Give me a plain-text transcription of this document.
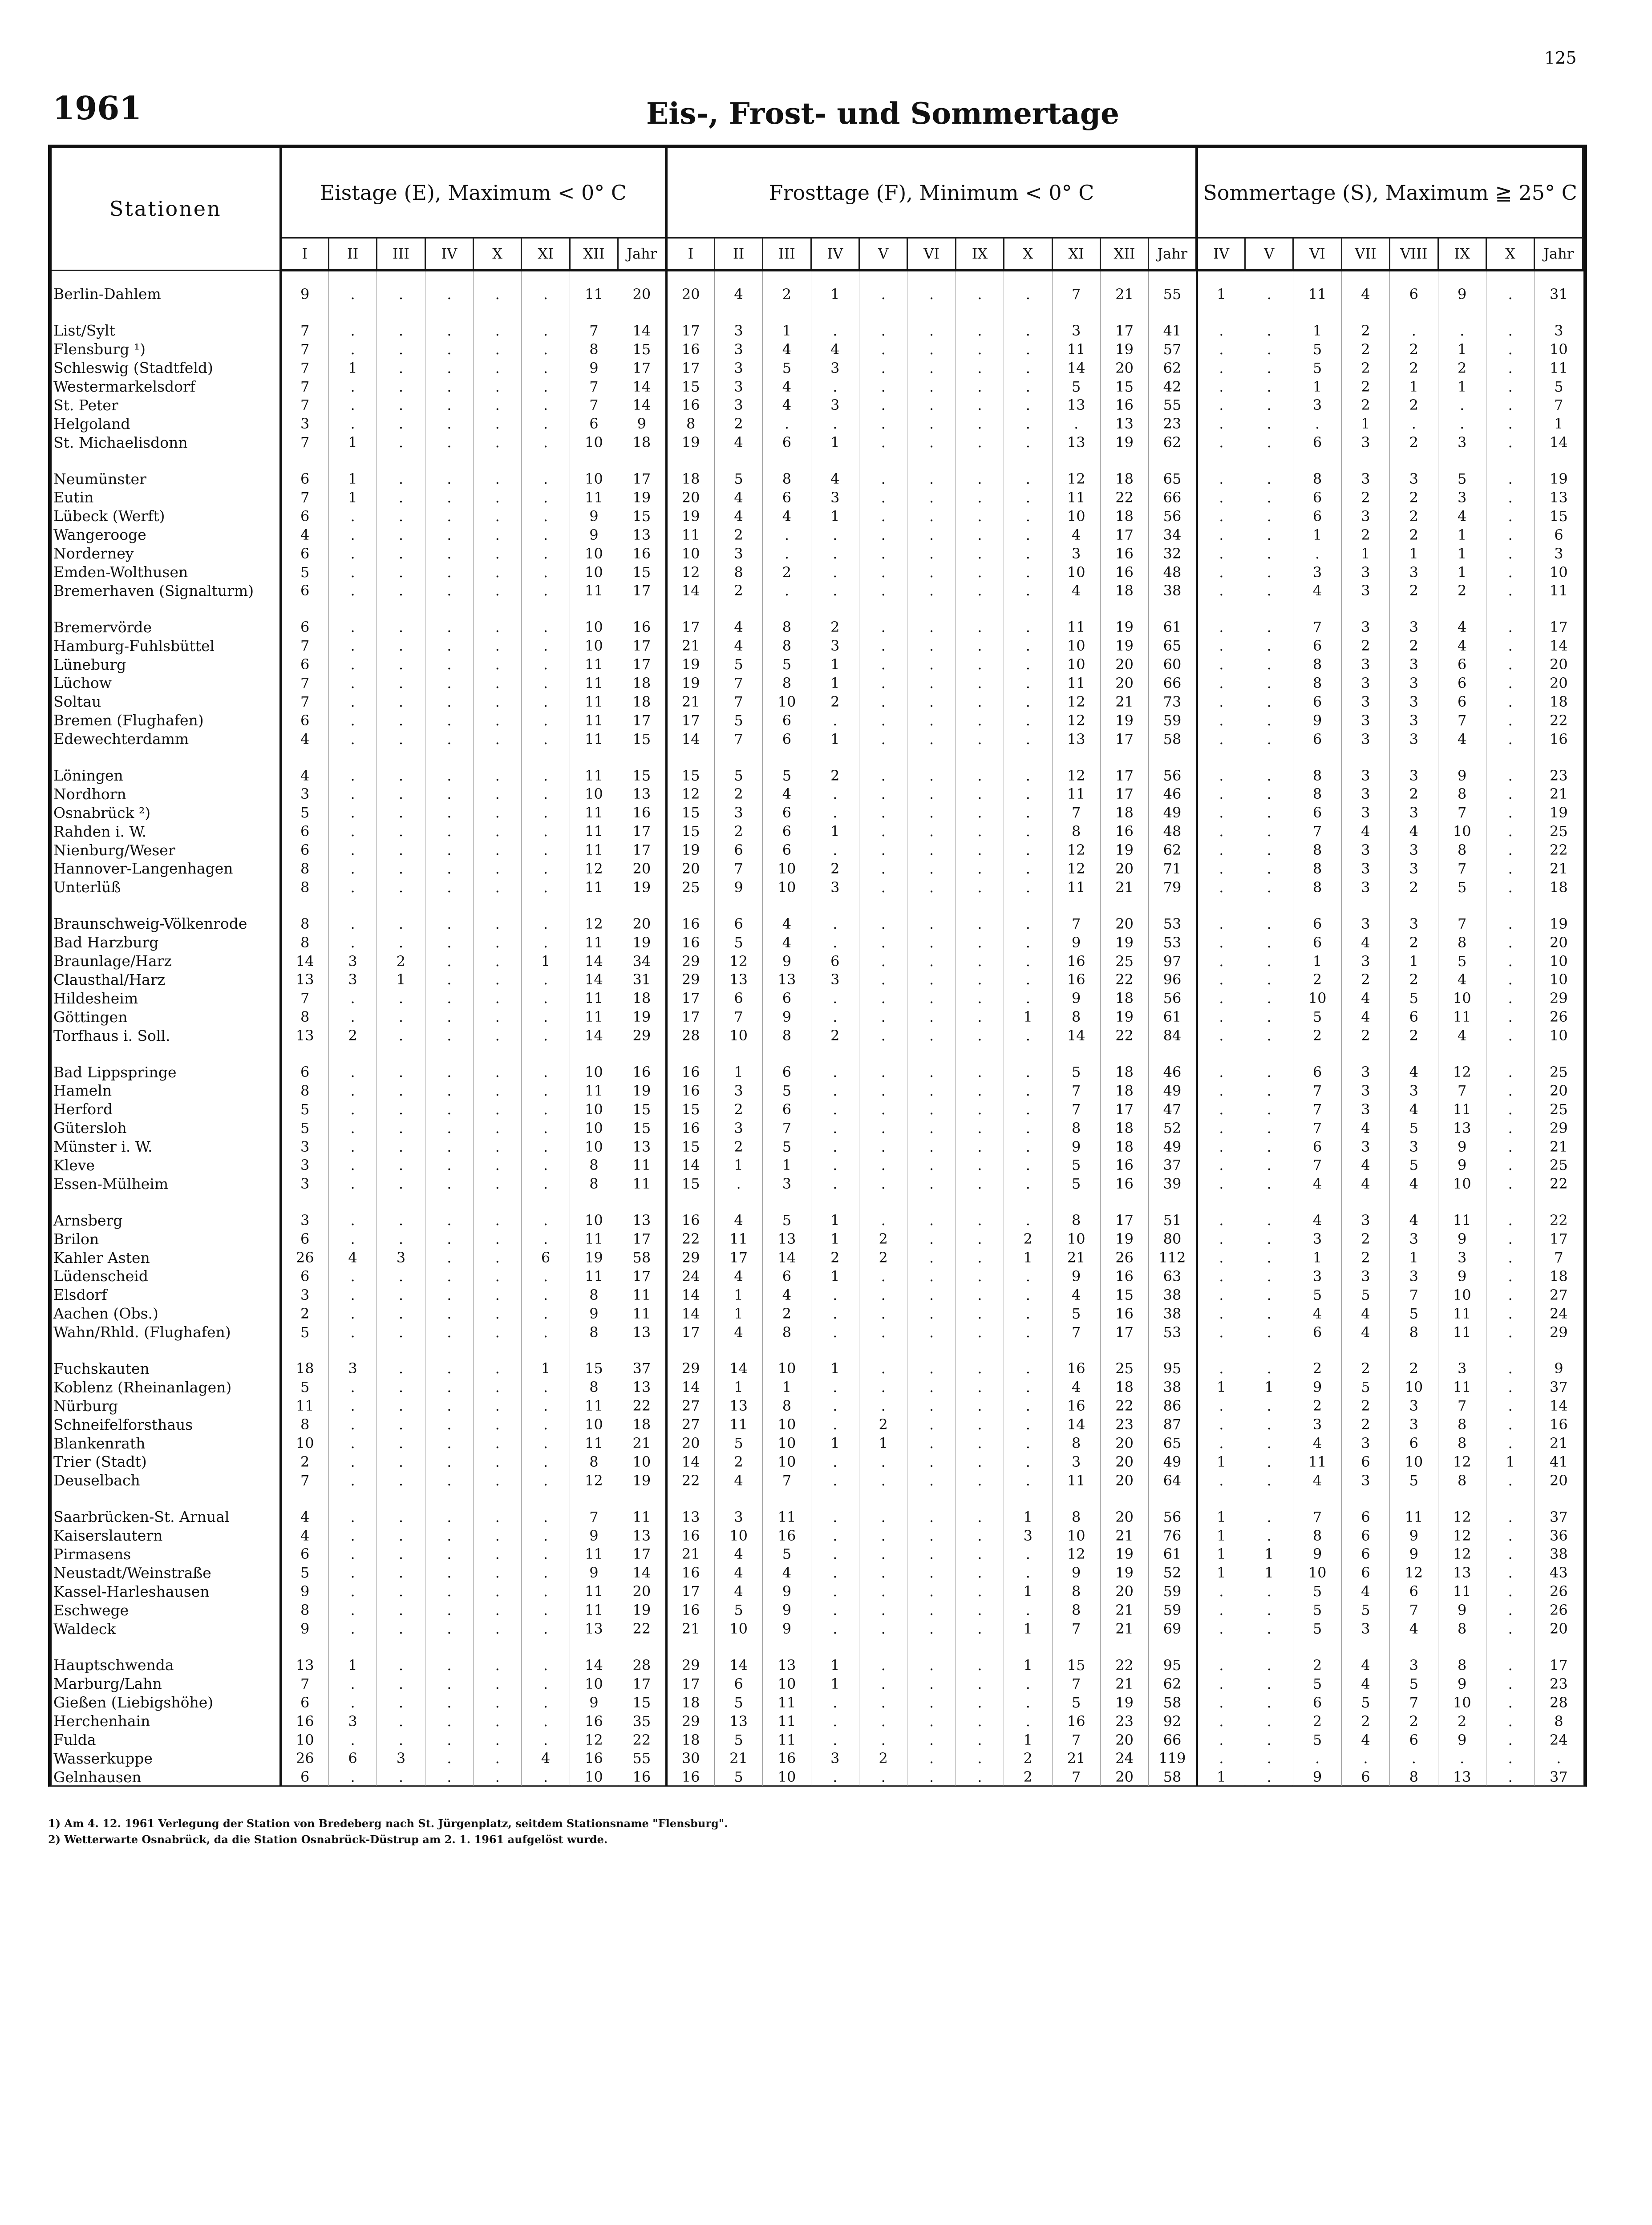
125
1961	Eis-, Frost- und Sommertage
Stationen	Eistage (E), Maximum < 0° C								Frosttage (F), Minimum < 0° C											Sommertage (S), Maximum ≧ 25° C							
	I	II	III	IV	X	XI	XII	Jahr	I	II	III	IV	V	VI	IX	X	XI	XII	Jahr	IV	V	VI	VII	VIII	IX	X	Jahr
Berlin-Dahlem	9	.	.	.	.	.	11	20	20	4	2	1	.	.	.	.	7	21	55	1	.	11	4	6	9	.	31

List/Sylt	7	.	.	.	.	.	7	14	17	3	1	.	.	.	.	.	3	17	41	.	.	1	2	.	.	.	3
Flensburg ¹)	7	.	.	.	.	.	8	15	16	3	4	4	.	.	.	.	11	19	57	.	.	5	2	2	1	.	10
Schleswig (Stadtfeld)	7	1	.	.	.	.	9	17	17	3	5	3	.	.	.	.	14	20	62	.	.	5	2	2	2	.	11
Westermarkelsdorf	7	.	.	.	.	.	7	14	15	3	4	.	.	.	.	.	5	15	42	.	.	1	2	1	1	.	5
St. Peter	7	.	.	.	.	.	7	14	16	3	4	3	.	.	.	.	13	16	55	.	.	3	2	2	.	.	7
Helgoland	3	.	.	.	.	.	6	9	8	2	.	.	.	.	.	.	.	13	23	.	.	.	1	.	.	.	1
St. Michaelisdonn	7	1	.	.	.	.	10	18	19	4	6	1	.	.	.	.	13	19	62	.	.	6	3	2	3	.	14

Neumünster	6	1	.	.	.	.	10	17	18	5	8	4	.	.	.	.	12	18	65	.	.	8	3	3	5	.	19
Eutin	7	1	.	.	.	.	11	19	20	4	6	3	.	.	.	.	11	22	66	.	.	6	2	2	3	.	13
Lübeck (Werft)	6	.	.	.	.	.	9	15	19	4	4	1	.	.	.	.	10	18	56	.	.	6	3	2	4	.	15
Wangerooge	4	.	.	.	.	.	9	13	11	2	.	.	.	.	.	.	4	17	34	.	.	1	2	2	1	.	6
Norderney	6	.	.	.	.	.	10	16	10	3	.	.	.	.	.	.	3	16	32	.	.	.	1	1	1	.	3
Emden-Wolthusen	5	.	.	.	.	.	10	15	12	8	2	.	.	.	.	.	10	16	48	.	.	3	3	3	1	.	10
Bremerhaven (Signalturm)	6	.	.	.	.	.	11	17	14	2	.	.	.	.	.	.	4	18	38	.	.	4	3	2	2	.	11

Bremervörde	6	.	.	.	.	.	10	16	17	4	8	2	.	.	.	.	11	19	61	.	.	7	3	3	4	.	17
Hamburg-Fuhlsbüttel	7	.	.	.	.	.	10	17	21	4	8	3	.	.	.	.	10	19	65	.	.	6	2	2	4	.	14
Lüneburg	6	.	.	.	.	.	11	17	19	5	5	1	.	.	.	.	10	20	60	.	.	8	3	3	6	.	20
Lüchow	7	.	.	.	.	.	11	18	19	7	8	1	.	.	.	.	11	20	66	.	.	8	3	3	6	.	20
Soltau	7	.	.	.	.	.	11	18	21	7	10	2	.	.	.	.	12	21	73	.	.	6	3	3	6	.	18
Bremen (Flughafen)	6	.	.	.	.	.	11	17	17	5	6	.	.	.	.	.	12	19	59	.	.	9	3	3	7	.	22
Edewechterdamm	4	.	.	.	.	.	11	15	14	7	6	1	.	.	.	.	13	17	58	.	.	6	3	3	4	.	16

Löningen	4	.	.	.	.	.	11	15	15	5	5	2	.	.	.	.	12	17	56	.	.	8	3	3	9	.	23
Nordhorn	3	.	.	.	.	.	10	13	12	2	4	.	.	.	.	.	11	17	46	.	.	8	3	2	8	.	21
Osnabrück ²)	5	.	.	.	.	.	11	16	15	3	6	.	.	.	.	.	7	18	49	.	.	6	3	3	7	.	19
Rahden i. W.	6	.	.	.	.	.	11	17	15	2	6	1	.	.	.	.	8	16	48	.	.	7	4	4	10	.	25
Nienburg/Weser	6	.	.	.	.	.	11	17	19	6	6	.	.	.	.	.	12	19	62	.	.	8	3	3	8	.	22
Hannover-Langenhagen	8	.	.	.	.	.	12	20	20	7	10	2	.	.	.	.	12	20	71	.	.	8	3	3	7	.	21
Unterlüß	8	.	.	.	.	.	11	19	25	9	10	3	.	.	.	.	11	21	79	.	.	8	3	2	5	.	18

Braunschweig-Völkenrode	8	.	.	.	.	.	12	20	16	6	4	.	.	.	.	.	7	20	53	.	.	6	3	3	7	.	19
Bad Harzburg	8	.	.	.	.	.	11	19	16	5	4	.	.	.	.	.	9	19	53	.	.	6	4	2	8	.	20
Braunlage/Harz	14	3	2	.	.	1	14	34	29	12	9	6	.	.	.	.	16	25	97	.	.	1	3	1	5	.	10
Clausthal/Harz	13	3	1	.	.	.	14	31	29	13	13	3	.	.	.	.	16	22	96	.	.	2	2	2	4	.	10
Hildesheim	7	.	.	.	.	.	11	18	17	6	6	.	.	.	.	.	9	18	56	.	.	10	4	5	10	.	29
Göttingen	8	.	.	.	.	.	11	19	17	7	9	.	.	.	.	1	8	19	61	.	.	5	4	6	11	.	26
Torfhaus i. Soll.	13	2	.	.	.	.	14	29	28	10	8	2	.	.	.	.	14	22	84	.	.	2	2	2	4	.	10

Bad Lippspringe	6	.	.	.	.	.	10	16	16	1	6	.	.	.	.	.	5	18	46	.	.	6	3	4	12	.	25
Hameln	8	.	.	.	.	.	11	19	16	3	5	.	.	.	.	.	7	18	49	.	.	7	3	3	7	.	20
Herford	5	.	.	.	.	.	10	15	15	2	6	.	.	.	.	.	7	17	47	.	.	7	3	4	11	.	25
Gütersloh	5	.	.	.	.	.	10	15	16	3	7	.	.	.	.	.	8	18	52	.	.	7	4	5	13	.	29
Münster i. W.	3	.	.	.	.	.	10	13	15	2	5	.	.	.	.	.	9	18	49	.	.	6	3	3	9	.	21
Kleve	3	.	.	.	.	.	8	11	14	1	1	.	.	.	.	.	5	16	37	.	.	7	4	5	9	.	25
Essen-Mülheim	3	.	.	.	.	.	8	11	15	.	3	.	.	.	.	.	5	16	39	.	.	4	4	4	10	.	22

Arnsberg	3	.	.	.	.	.	10	13	16	4	5	1	.	.	.	.	8	17	51	.	.	4	3	4	11	.	22
Brilon	6	.	.	.	.	.	11	17	22	11	13	1	2	.	.	2	10	19	80	.	.	3	2	3	9	.	17
Kahler Asten	26	4	3	.	.	6	19	58	29	17	14	2	2	.	.	1	21	26	112	.	.	1	2	1	3	.	7
Lüdenscheid	6	.	.	.	.	.	11	17	24	4	6	1	.	.	.	.	9	16	63	.	.	3	3	3	9	.	18
Elsdorf	3	.	.	.	.	.	8	11	14	1	4	.	.	.	.	.	4	15	38	.	.	5	5	7	10	.	27
Aachen (Obs.)	2	.	.	.	.	.	9	11	14	1	2	.	.	.	.	.	5	16	38	.	.	4	4	5	11	.	24
Wahn/Rhld. (Flughafen)	5	.	.	.	.	.	8	13	17	4	8	.	.	.	.	.	7	17	53	.	.	6	4	8	11	.	29

Fuchskauten	18	3	.	.	.	1	15	37	29	14	10	1	.	.	.	.	16	25	95	.	.	2	2	2	3	.	9
Koblenz (Rheinanlagen)	5	.	.	.	.	.	8	13	14	1	1	.	.	.	.	.	4	18	38	1	1	9	5	10	11	.	37
Nürburg	11	.	.	.	.	.	11	22	27	13	8	.	.	.	.	.	16	22	86	.	.	2	2	3	7	.	14
Schneifelforsthaus	8	.	.	.	.	.	10	18	27	11	10	.	2	.	.	.	14	23	87	.	.	3	2	3	8	.	16
Blankenrath	10	.	.	.	.	.	11	21	20	5	10	1	1	.	.	.	8	20	65	.	.	4	3	6	8	.	21
Trier (Stadt)	2	.	.	.	.	.	8	10	14	2	10	.	.	.	.	.	3	20	49	1	.	11	6	10	12	1	41
Deuselbach	7	.	.	.	.	.	12	19	22	4	7	.	.	.	.	.	11	20	64	.	.	4	3	5	8	.	20

Saarbrücken-St. Arnual	4	.	.	.	.	.	7	11	13	3	11	.	.	.	.	1	8	20	56	1	.	7	6	11	12	.	37
Kaiserslautern	4	.	.	.	.	.	9	13	16	10	16	.	.	.	.	3	10	21	76	1	.	8	6	9	12	.	36
Pirmasens	6	.	.	.	.	.	11	17	21	4	5	.	.	.	.	.	12	19	61	1	1	9	6	9	12	.	38
Neustadt/Weinstraße	5	.	.	.	.	.	9	14	16	4	4	.	.	.	.	.	9	19	52	1	1	10	6	12	13	.	43
Kassel-Harleshausen	9	.	.	.	.	.	11	20	17	4	9	.	.	.	.	1	8	20	59	.	.	5	4	6	11	.	26
Eschwege	8	.	.	.	.	.	11	19	16	5	9	.	.	.	.	.	8	21	59	.	.	5	5	7	9	.	26
Waldeck	9	.	.	.	.	.	13	22	21	10	9	.	.	.	.	1	7	21	69	.	.	5	3	4	8	.	20

Hauptschwenda	13	1	.	.	.	.	14	28	29	14	13	1	.	.	.	1	15	22	95	.	.	2	4	3	8	.	17
Marburg/Lahn	7	.	.	.	.	.	10	17	17	6	10	1	.	.	.	.	7	21	62	.	.	5	4	5	9	.	23
Gießen (Liebigshöhe)	6	.	.	.	.	.	9	15	18	5	11	.	.	.	.	.	5	19	58	.	.	6	5	7	10	.	28
Herchenhain	16	3	.	.	.	.	16	35	29	13	11	.	.	.	.	.	16	23	92	.	.	2	2	2	2	.	8
Fulda	10	.	.	.	.	.	12	22	18	5	11	.	.	.	.	1	7	20	66	.	.	5	4	6	9	.	24
Wasserkuppe	26	6	3	.	.	4	16	55	30	21	16	3	2	.	.	2	21	24	119	.	.	.	.	.	.	.	.
Gelnhausen	6	.	.	.	.	.	10	16	16	5	10	.	.	.	.	2	7	20	58	1	.	9	6	8	13	.	37
1) Am 4. 12. 1961 Verlegung der Station von Bredeberg nach St. Jürgenplatz, seitdem Stationsname "Flensburg".
2) Wetterwarte Osnabrück, da die Station Osnabrück-Düstrup am 2. 1. 1961 aufgelöst wurde.
